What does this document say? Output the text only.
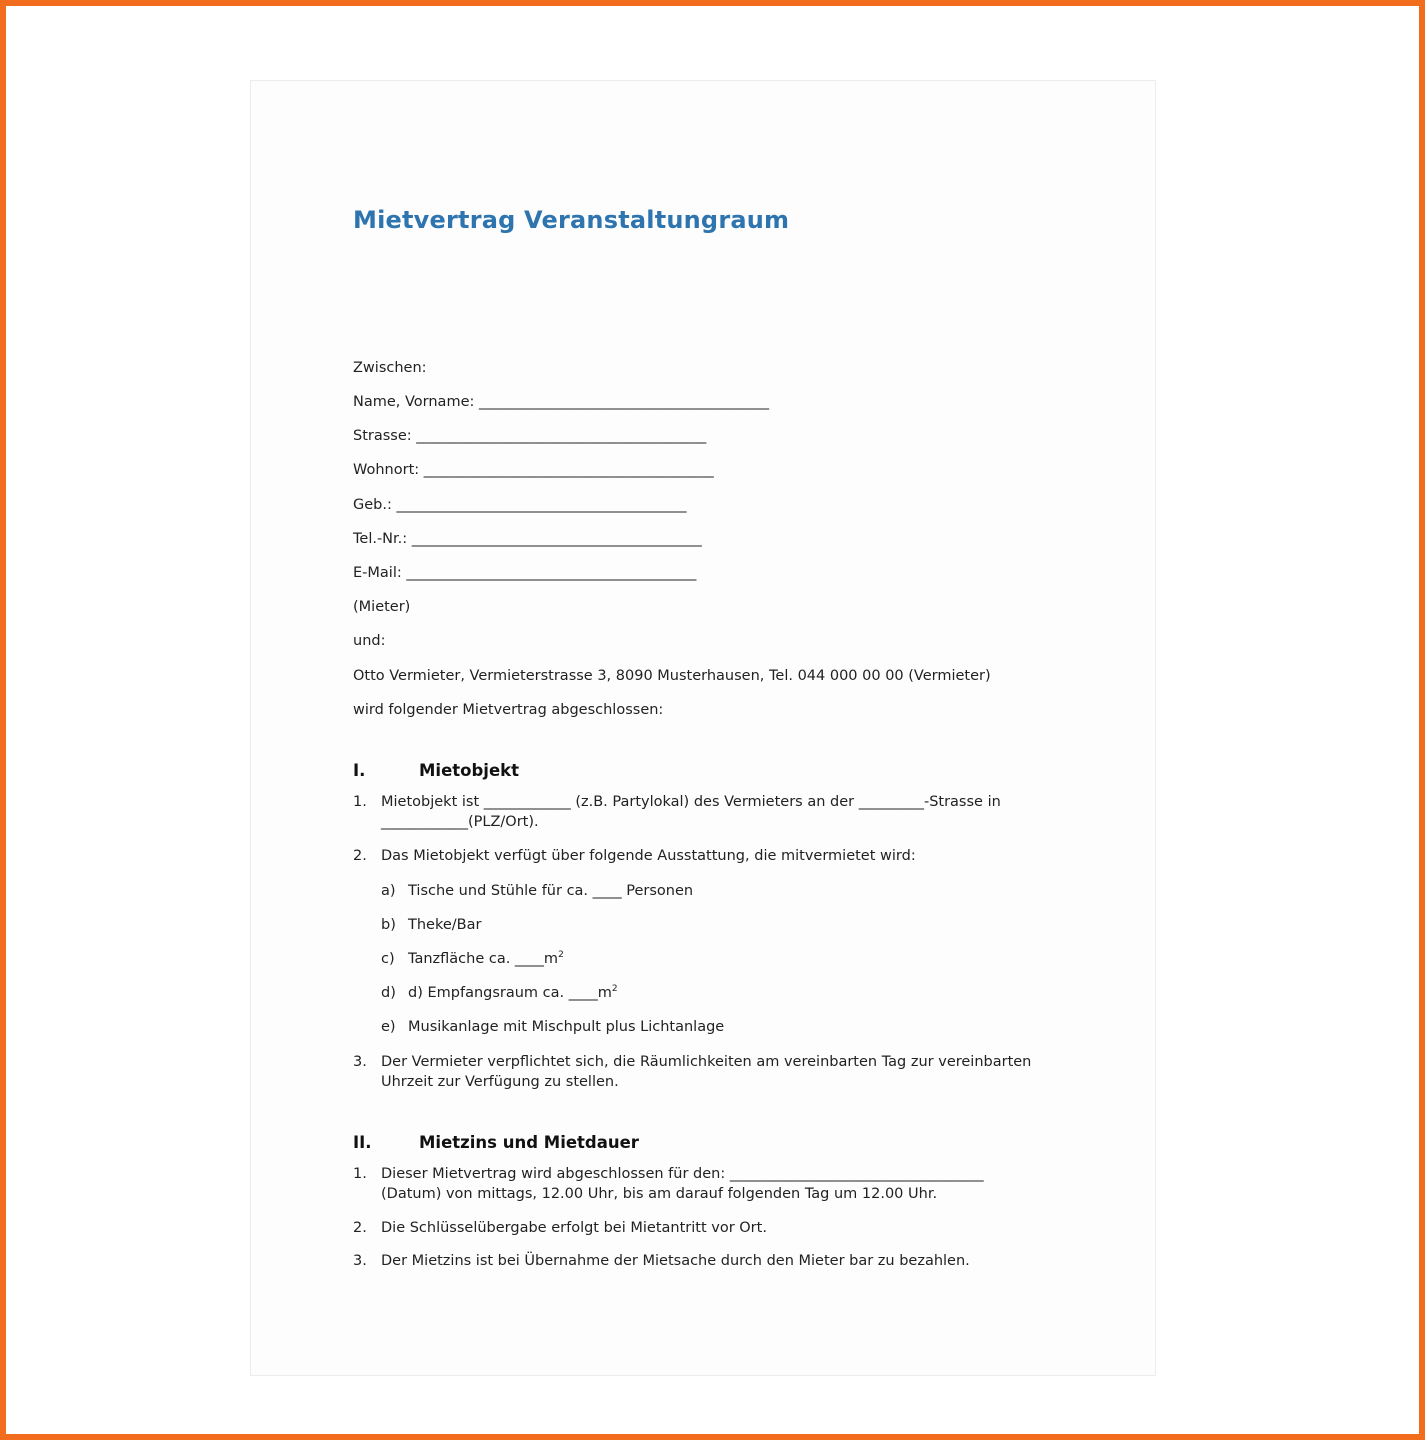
Mietvertrag Veranstaltungraum
Zwischen:
Name, Vorname: ________________________________________
Strasse: ________________________________________
Wohnort: ________________________________________
Geb.: ________________________________________
Tel.-Nr.: ________________________________________
E-Mail: ________________________________________
(Mieter)
und:
Otto Vermieter, Vermieterstrasse 3, 8090 Musterhausen, Tel. 044 000 00 00 (Vermieter)
wird folgender Mietvertrag abgeschlossen:
I.	Mietobjekt
1. Mietobjekt ist ____________ (z.B. Partylokal) des Vermieters an der _________-Strasse in ____________(PLZ/Ort).
2. Das Mietobjekt verfügt über folgende Ausstattung, die mitvermietet wird:
a) Tische und Stühle für ca. ____ Personen
b) Theke/Bar
c) Tanzfläche ca. $\_\_\_\_m^2$
d) d) Empfangsraum ca. $\_\_\_\_m^2$
e) Musikanlage mit Mischpult plus Lichtanlage
3. Der Vermieter verpflichtet sich, die Räumlichkeiten am vereinbarten Tag zur vereinbarten Uhrzeit zur Verfügung zu stellen.
II.	Mietzins und Mietdauer
1. Dieser Mietvertrag wird abgeschlossen für den: ___________________________________ (Datum) von mittags, 12.00 Uhr, bis am darauf folgenden Tag um 12.00 Uhr.
2. Die Schlüsselübergabe erfolgt bei Mietantritt vor Ort.
3. Der Mietzins ist bei Übernahme der Mietsache durch den Mieter bar zu bezahlen.
